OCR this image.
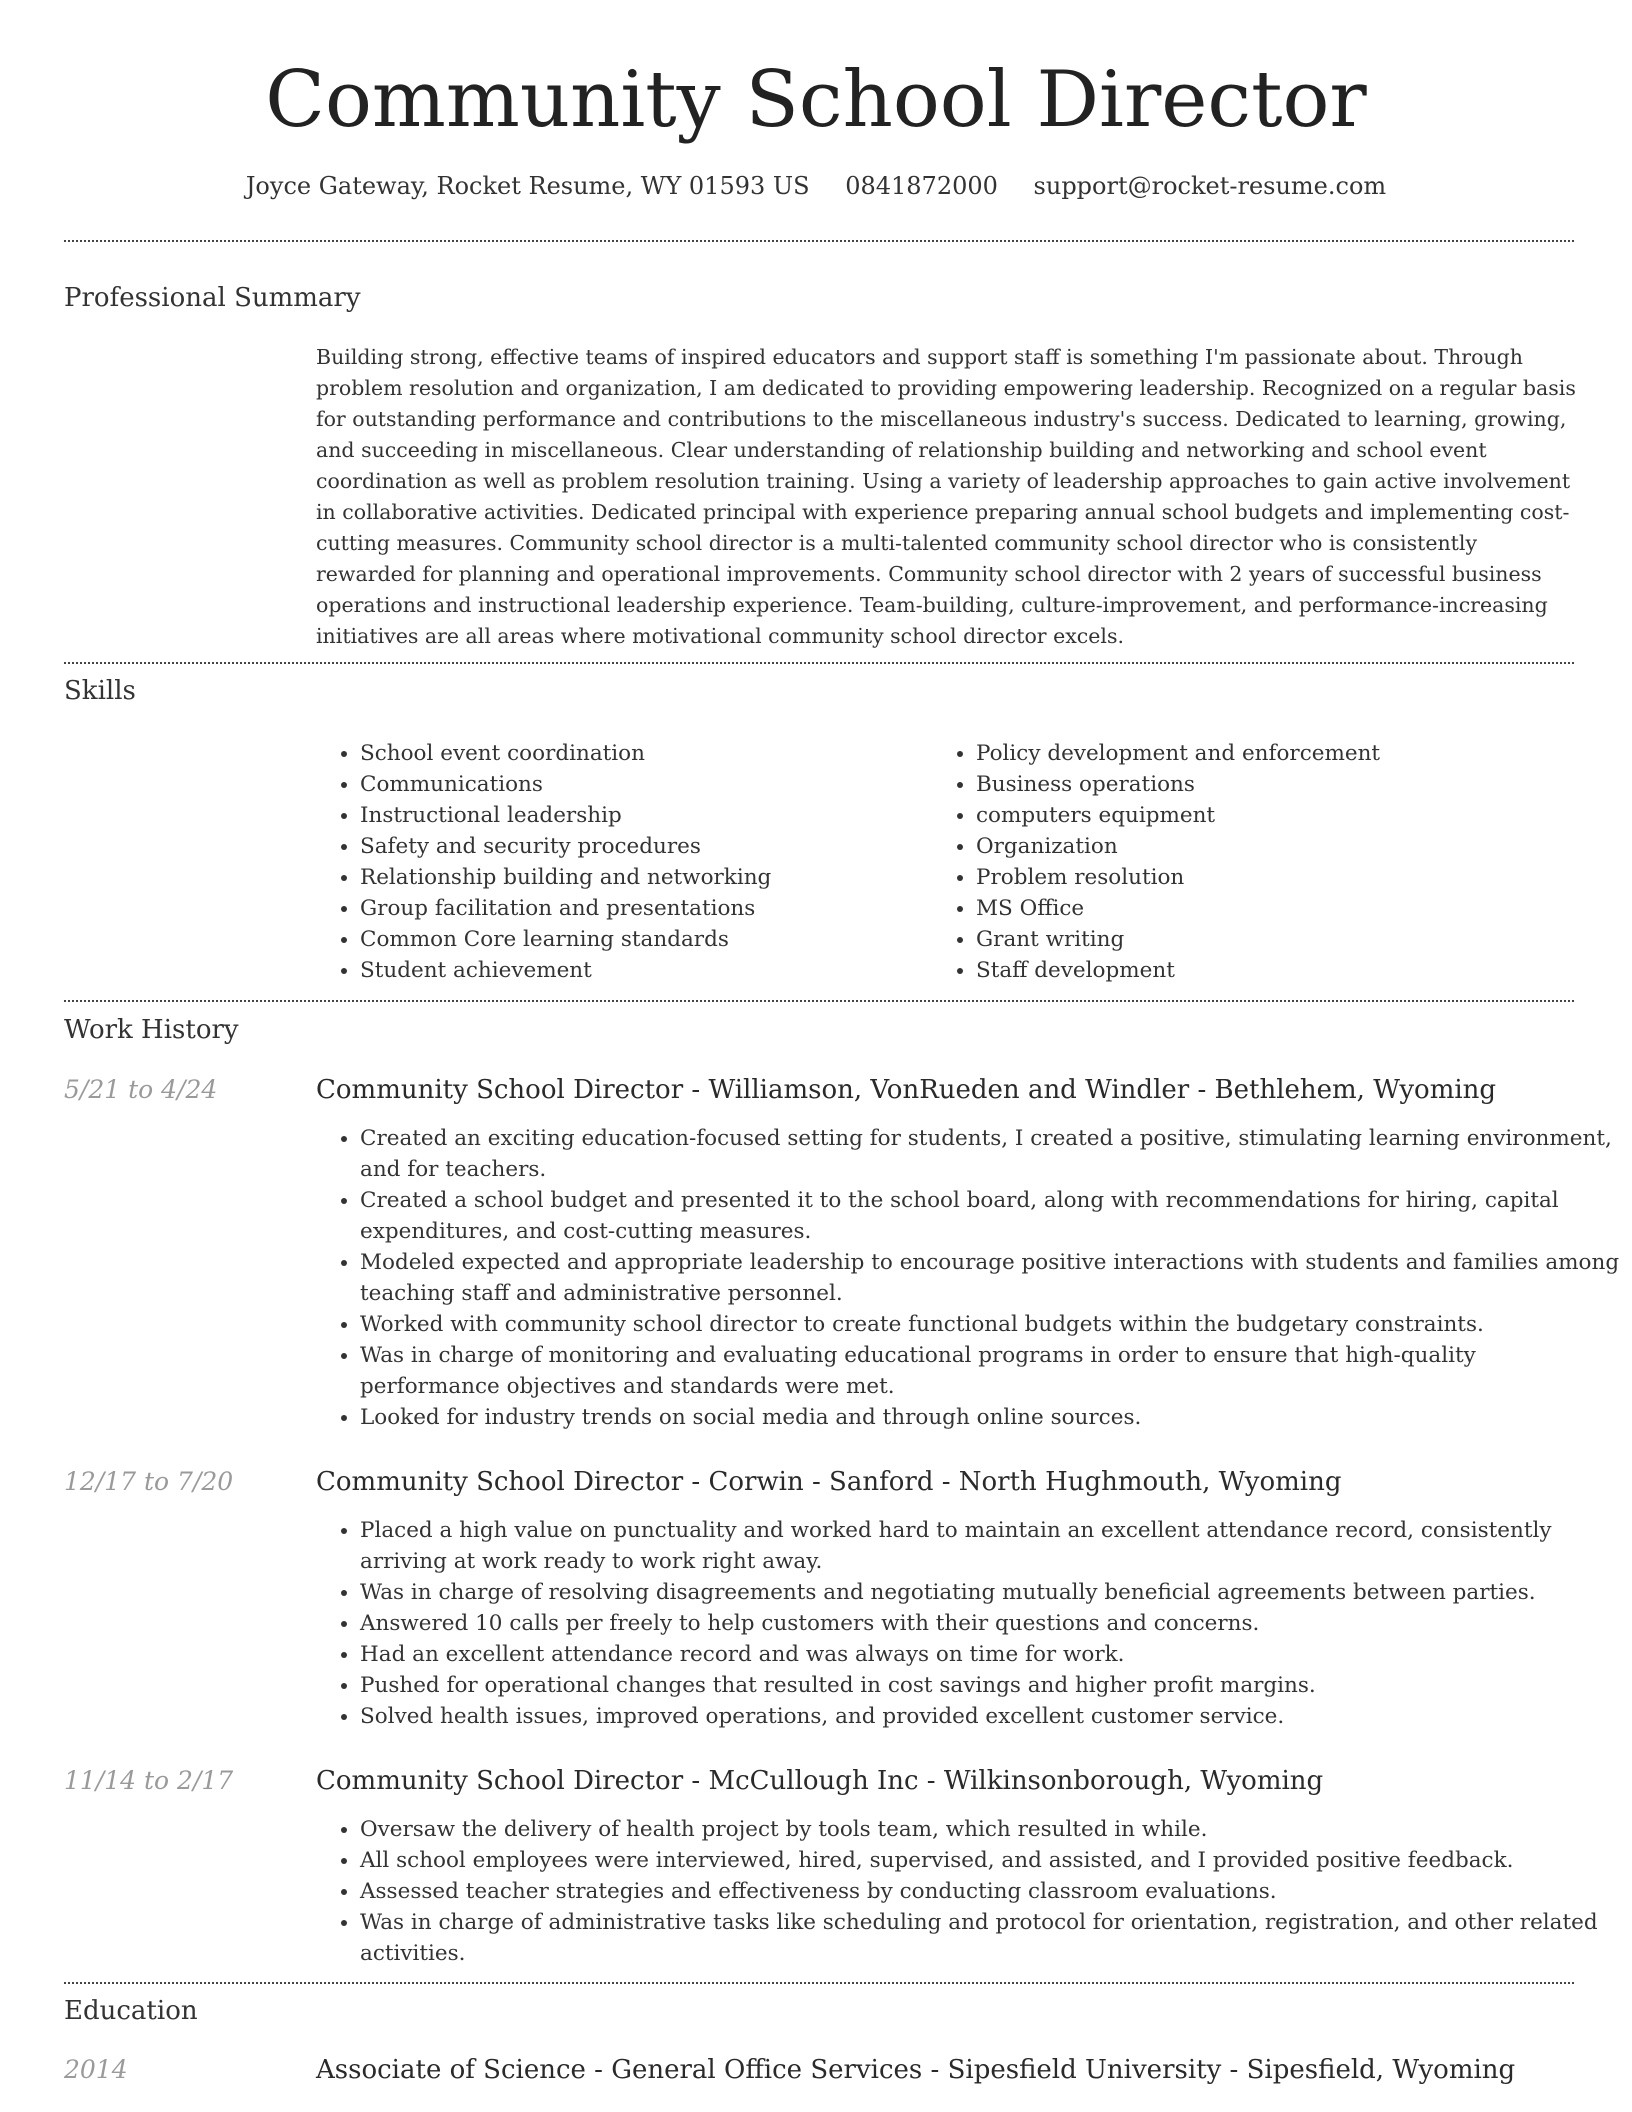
Community School Director
Joyce Gateway, Rocket Resume, WY 01593 US 0841872000 support@rocket-resume.com
Professional Summary

Building strong, effective teams of inspired educators and support staff is something I'm passionate about. Through problem resolution and organization, I am dedicated to providing empowering leadership. Recognized on a regular basis for outstanding performance and contributions to the miscellaneous industry's success. Dedicated to learning, growing, and succeeding in miscellaneous. Clear understanding of relationship building and networking and school event coordination as well as problem resolution training. Using a variety of leadership approaches to gain active involvement in collaborative activities. Dedicated principal with experience preparing annual school budgets and implementing cost-cutting measures. Community school director is a multi-talented community school director who is consistently rewarded for planning and operational improvements. Community school director with 2 years of successful business operations and instructional leadership experience. Team-building, culture-improvement, and performance-increasing initiatives are all areas where motivational community school director excels.

Skills
• School event coordination
• Communications
• Instructional leadership
• Safety and security procedures
• Relationship building and networking
• Group facilitation and presentations
• Common Core learning standards
• Student achievement
• Policy development and enforcement
• Business operations
• computers equipment
• Organization
• Problem resolution
• MS Office
• Grant writing
• Staff development
Work History
5/21 to 4/24	Community School Director - Williamson, VonRueden and Windler - Bethlehem, Wyoming
• Created an exciting education-focused setting for students, I created a positive, stimulating learning environment, and for teachers.
• Created a school budget and presented it to the school board, along with recommendations for hiring, capital expenditures, and cost-cutting measures.
• Modeled expected and appropriate leadership to encourage positive interactions with students and families among teaching staff and administrative personnel.
• Worked with community school director to create functional budgets within the budgetary constraints.
• Was in charge of monitoring and evaluating educational programs in order to ensure that high-quality performance objectives and standards were met.
• Looked for industry trends on social media and through online sources.
12/17 to 7/20	Community School Director - Corwin - Sanford - North Hughmouth, Wyoming
• Placed a high value on punctuality and worked hard to maintain an excellent attendance record, consistently arriving at work ready to work right away.
• Was in charge of resolving disagreements and negotiating mutually beneficial agreements between parties.
• Answered 10 calls per freely to help customers with their questions and concerns.
• Had an excellent attendance record and was always on time for work.
• Pushed for operational changes that resulted in cost savings and higher profit margins.
• Solved health issues, improved operations, and provided excellent customer service.
11/14 to 2/17	Community School Director - McCullough Inc - Wilkinsonborough, Wyoming
• Oversaw the delivery of health project by tools team, which resulted in while.
• All school employees were interviewed, hired, supervised, and assisted, and I provided positive feedback.
• Assessed teacher strategies and effectiveness by conducting classroom evaluations.
• Was in charge of administrative tasks like scheduling and protocol for orientation, registration, and other related activities.
Education
2014	Associate of Science - General Office Services - Sipesfield University - Sipesfield, Wyoming
